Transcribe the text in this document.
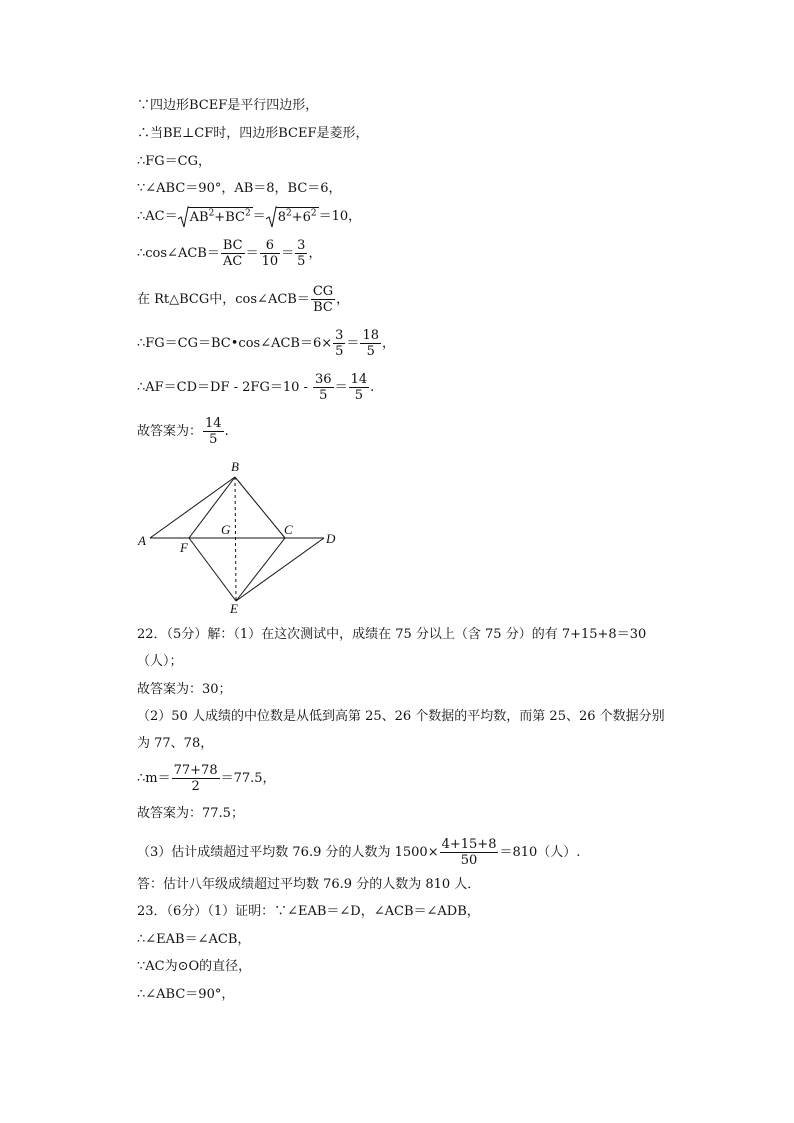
∵四边形BCEF是平行四边形，
∴当BE⊥CF时，四边形BCEF是菱形，
∴FG＝CG，
∵∠ABC＝90°，AB＝8，BC＝6，
∴AC＝ $AB^2+BC^2 = 8^2+6^2 =10$，
∴cos∠ACB＝ $\frac{BC}{AC} = \frac{6}{10} = \frac{3}{5}$ ，
在 Rt△BCG中，cos∠ACB＝ $\frac{CG}{BC}$ ，
∴FG＝CG＝BC•cos∠ACB＝6× $\frac{3}{5} = \frac{18}{5}$ ，
∴AF＝CD＝DF - $2FG=10 - \frac{36}{5} = \frac{14}{5}$ .
故答案为： $\frac{14}{5}$ .
B
A
G	C
D
F
E
22．（5分）解：（1）在这次测试中，成绩在 75 分以上（含 75 分）的有 7+15+8＝30
（人）；
故答案为：30；
（2）50 人成绩的中位数是从低到高第 25、26 个数据的平均数，而第 25、26 个数据分别
为 77、78，
∴m＝ $\frac{77+78}{2} =77.5$，
故答案为：77.5；
（3）估计成绩超过平均数 76.9 分的人数为 $1500\times \frac{4+15+8}{50} =810$（人）.
答：估计八年级成绩超过平均数 76.9 分的人数为 810 人．
23．（6分）（1）证明：∵∠EAB＝∠D，∠ACB＝∠ADB，
∴∠EAB＝∠ACB，
∵AC为⊙O的直径，
∴∠ABC＝90°，
